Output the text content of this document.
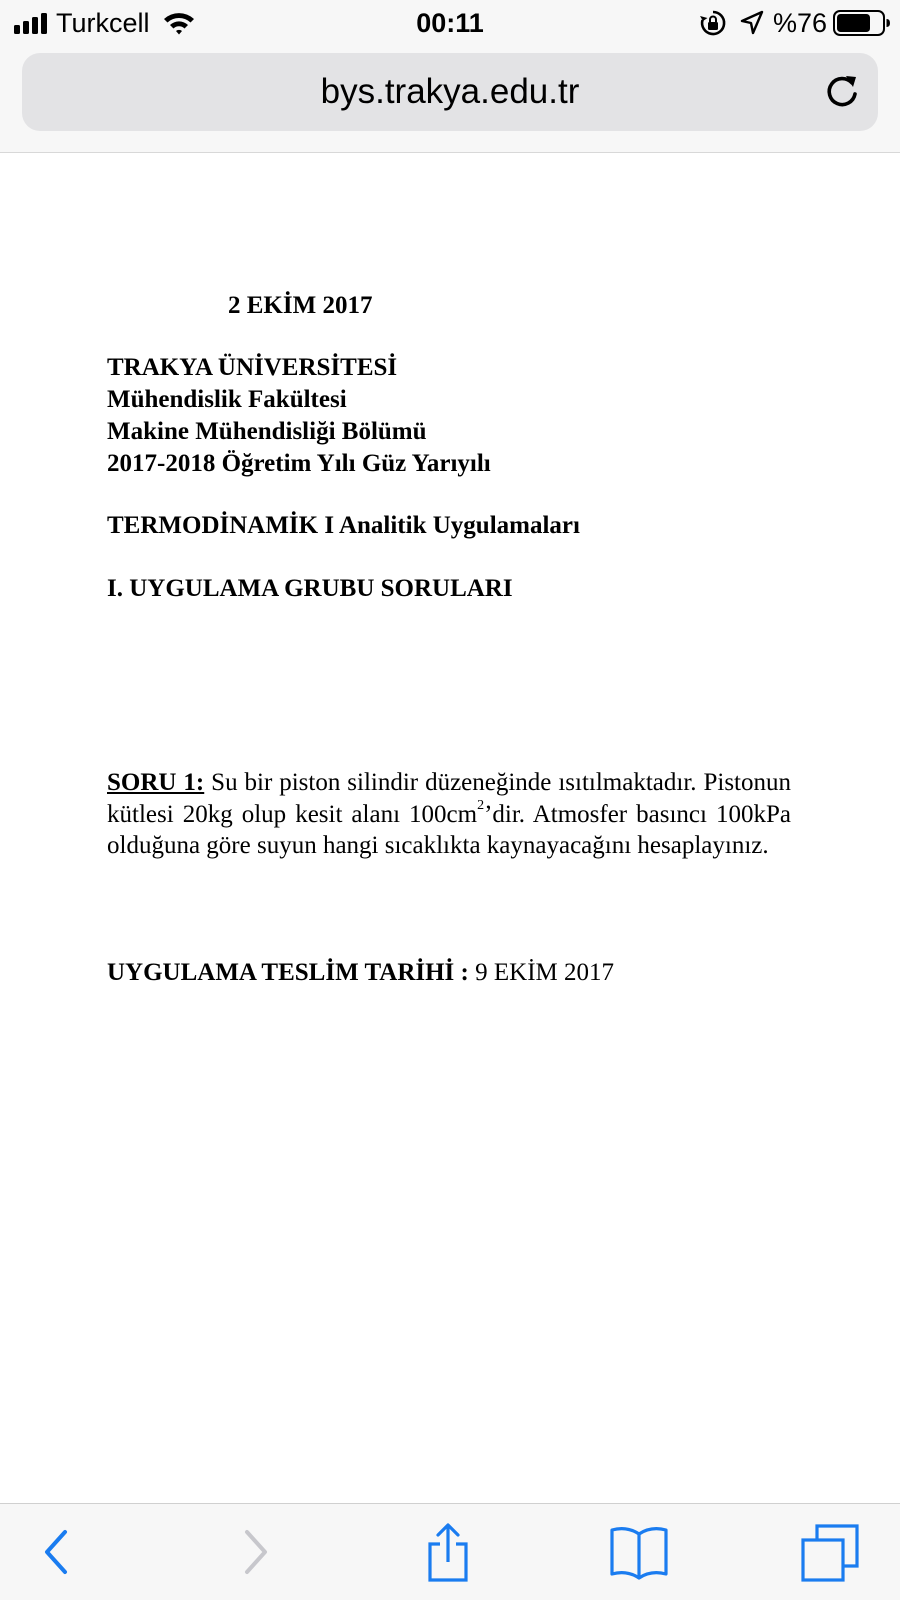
Turkcell	00:11	%76
bys.trakya.edu.tr
2 EKİM 2017
TRAKYA ÜNİVERSİTESİ
Mühendislik Fakültesi
Makine Mühendisliği Bölümü
2017-2018 Öğretim Yılı Güz Yarıyılı
TERMODİNAMİK I Analitik Uygulamaları
I. UYGULAMA GRUBU SORULARI
SORU 1: Su bir piston silindir düzeneğinde ısıtılmaktadır. Pistonun kütlesi 20kg olup kesit alanı $100cm^2’dir$. Atmosfer basıncı 100kPa olduğuna göre suyun hangi sıcaklıkta kaynayacağını hesaplayınız.
UYGULAMA TESLİM TARİHİ : 9 EKİM 2017
